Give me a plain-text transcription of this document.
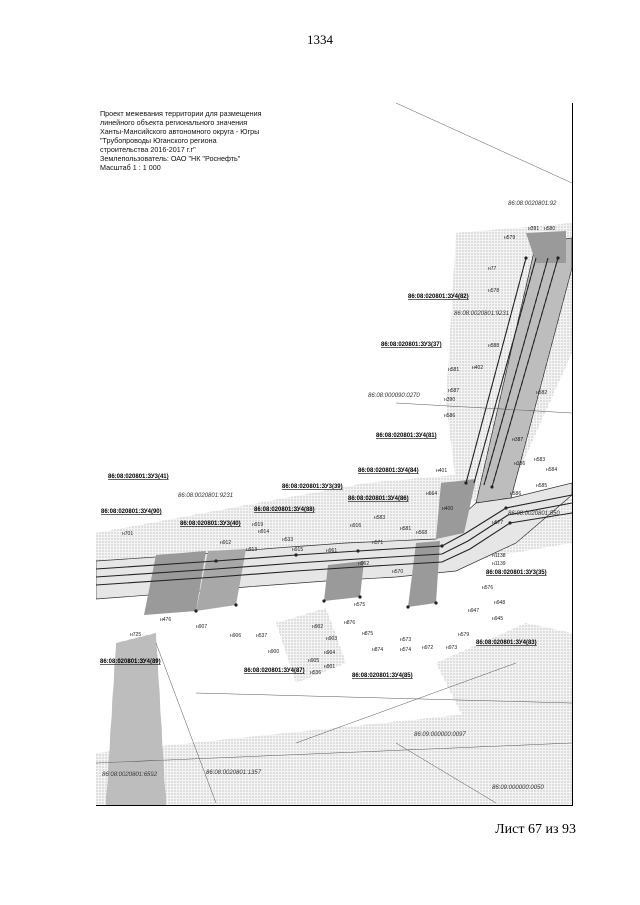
1334
86:08:020801:ЗУ4(82)
86:08:020801:ЗУ3(37)
86:08:020801:ЗУ4(81)
86:08:020801:ЗУ4(84)
86:08:020801:ЗУ3(39)
86:08:020801:ЗУ4(86)
86:08:020801:ЗУ3(41)
86:08:020801:ЗУ4(90)
86:08:020801:ЗУ3(40)
86:08:020801:ЗУ4(88)
86:08:020801:ЗУ3(35)
86:08:020801:ЗУ4(83)
86:08:020801:ЗУ4(89)
86:08:020801:ЗУ4(87)
86:08:020801:ЗУ4(85)
86:08:0020801:92
86:08:0020801:9231
86:08:000090:0270
86:08:0020801:9231
86:08:0020801:550
86:09:000000:0097
86:08:0020801:6592	86:08:0020801:1357
86:09:000000:0050
н579
н391 н580
н77
н578
н588
н402
н581
н587
н390
н586
н582
н387
н386
н583
н584
н585
н401
н664
н400
н586
н577
н1138
н1139
н576
н947
н948
н945
н579
н973
н972
н573
н574
н874
н875
н876
н575
н570
н568
н962
н571
н583
н581
н961
н916
н903
н902
н904
н905
н901
н536
н900
н537
н906
н533
н915
н914
н919
н913
н912
н701
н725
н476
н907
Проект межевания территории для размещения
линейного объекта регионального значения
Ханты-Мансийского автономного округа - Югры
"Трубопроводы Юганского региона
строительства 2016-2017 г.г"
Землепользователь: ОАО "НК "Роснефть"
Масштаб 1 : 1 000
Лист 67 из 93
